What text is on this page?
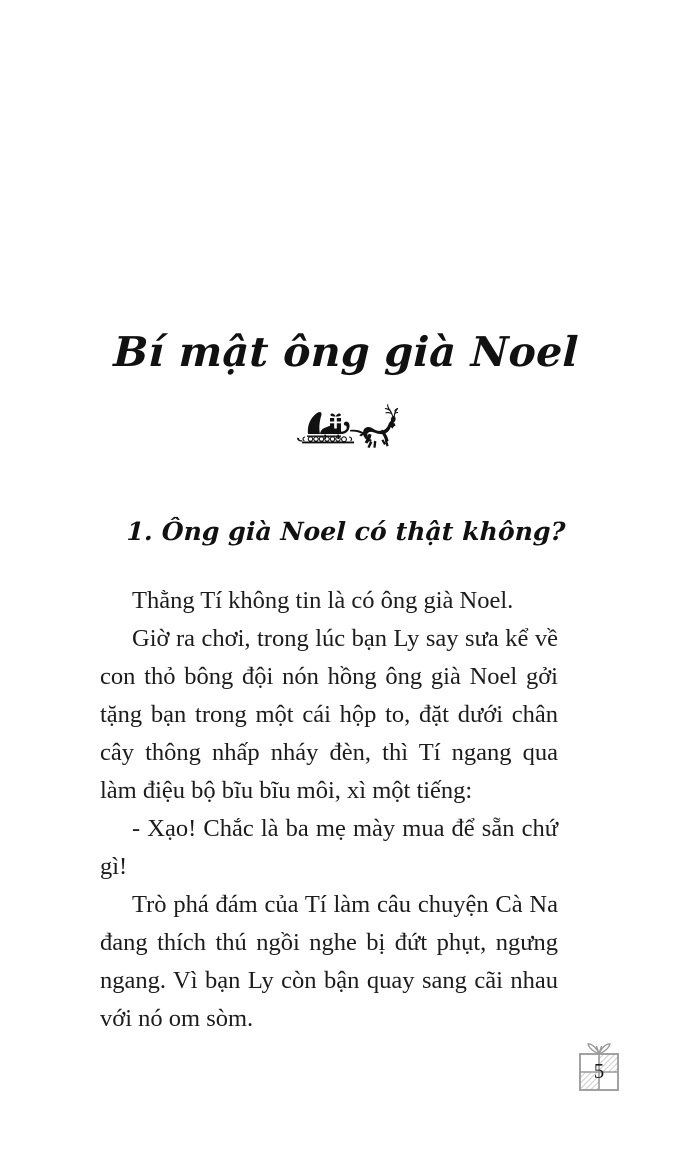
Bí mật ông già Noel
1. Ông già Noel có thật không?

Thằng Tí không tin là có ông già Noel.

Giờ ra chơi, trong lúc bạn Ly say sưa kể về con thỏ bông đội nón hồng ông già Noel gởi tặng bạn trong một cái hộp to, đặt dưới chân cây thông nhấp nháy đèn, thì Tí ngang qua làm điệu bộ bĩu bĩu môi, xì một tiếng:

- Xạo! Chắc là ba mẹ mày mua để sẵn chứ gì!

Trò phá đám của Tí làm câu chuyện Cà Na đang thích thú ngồi nghe bị đứt phụt, ngưng ngang. Vì bạn Ly còn bận quay sang cãi nhau với nó om sòm.

5
